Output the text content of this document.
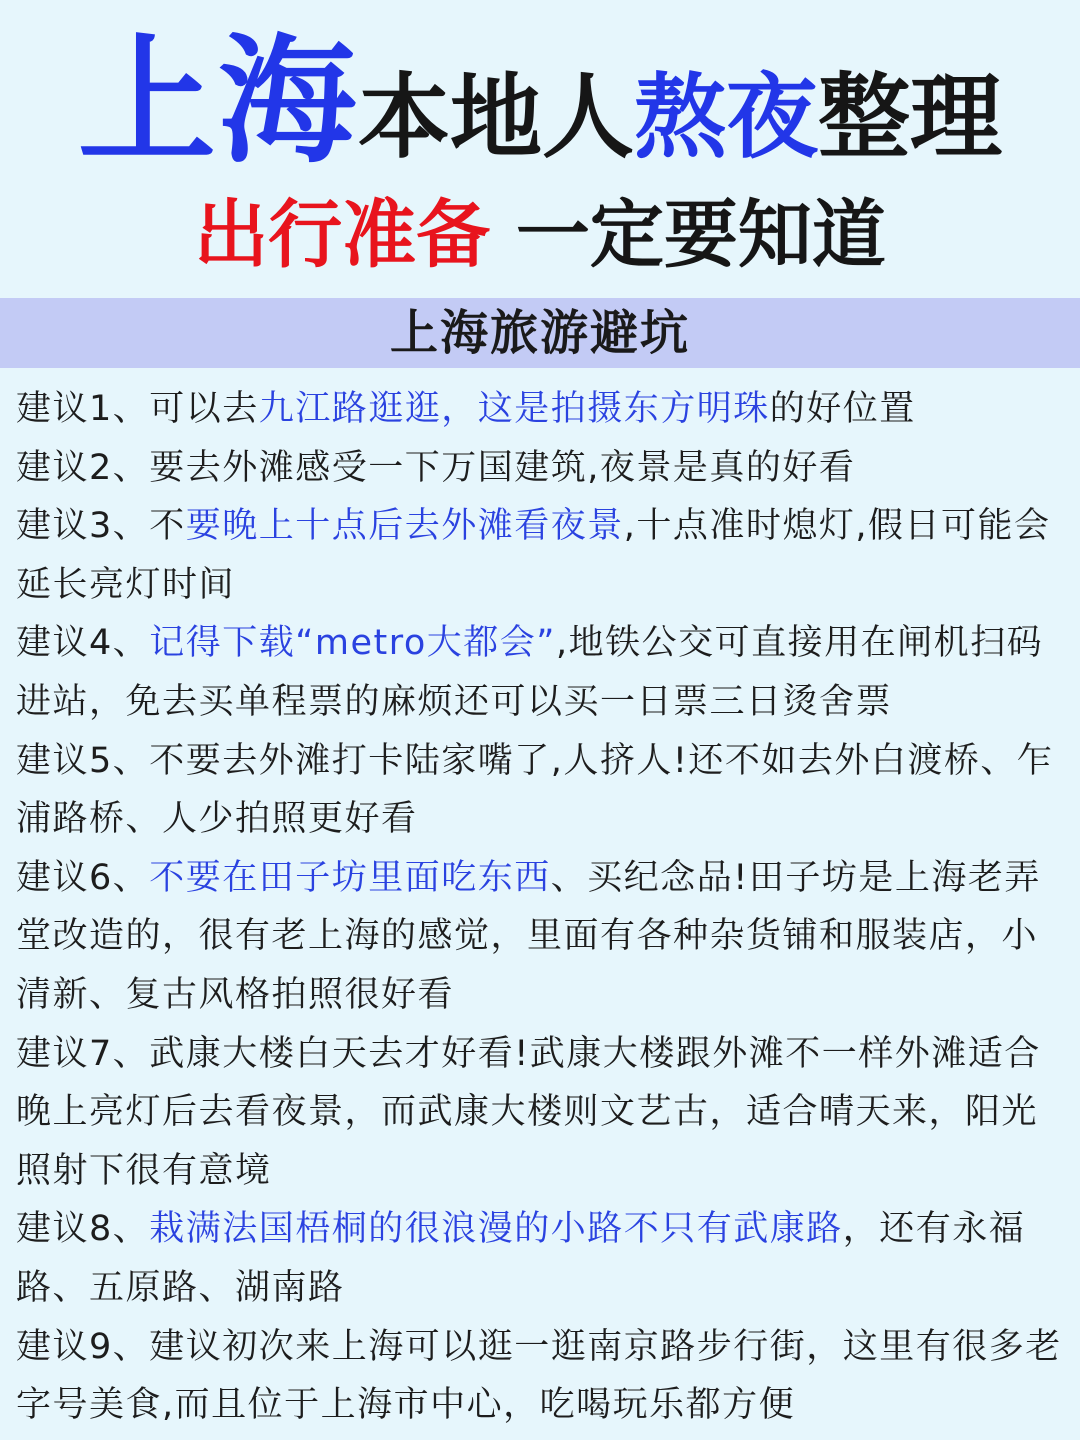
上海本地人熬夜整理
出行准备 一定要知道
上海旅游避坑

建议1、可以去九江路逛逛，这是拍摄东方明珠的好位置

建议2、要去外滩感受一下万国建筑,夜景是真的好看

建议3、不要晚上十点后去外滩看夜景,十点准时熄灯,假日可能会延长亮灯时间

建议4、记得下载“metro大都会”,地铁公交可直接用在闸机扫码进站，免去买单程票的麻烦还可以买一日票三日烫舍票

建议5、不要去外滩打卡陆家嘴了,人挤人!还不如去外白渡桥、乍浦路桥、人少拍照更好看

建议6、不要在田子坊里面吃东西、买纪念品!田子坊是上海老弄堂改造的，很有老上海的感觉，里面有各种杂货铺和服装店，小清新、复古风格拍照很好看

建议7、武康大楼白天去才好看!武康大楼跟外滩不一样外滩适合晚上亮灯后去看夜景，而武康大楼则文艺古，适合晴天来，阳光照射下很有意境

建议8、栽满法国梧桐的很浪漫的小路不只有武康路，还有永福路、五原路、湖南路

建议9、建议初次来上海可以逛一逛南京路步行街，这里有很多老字号美食,而且位于上海市中心，吃喝玩乐都方便
